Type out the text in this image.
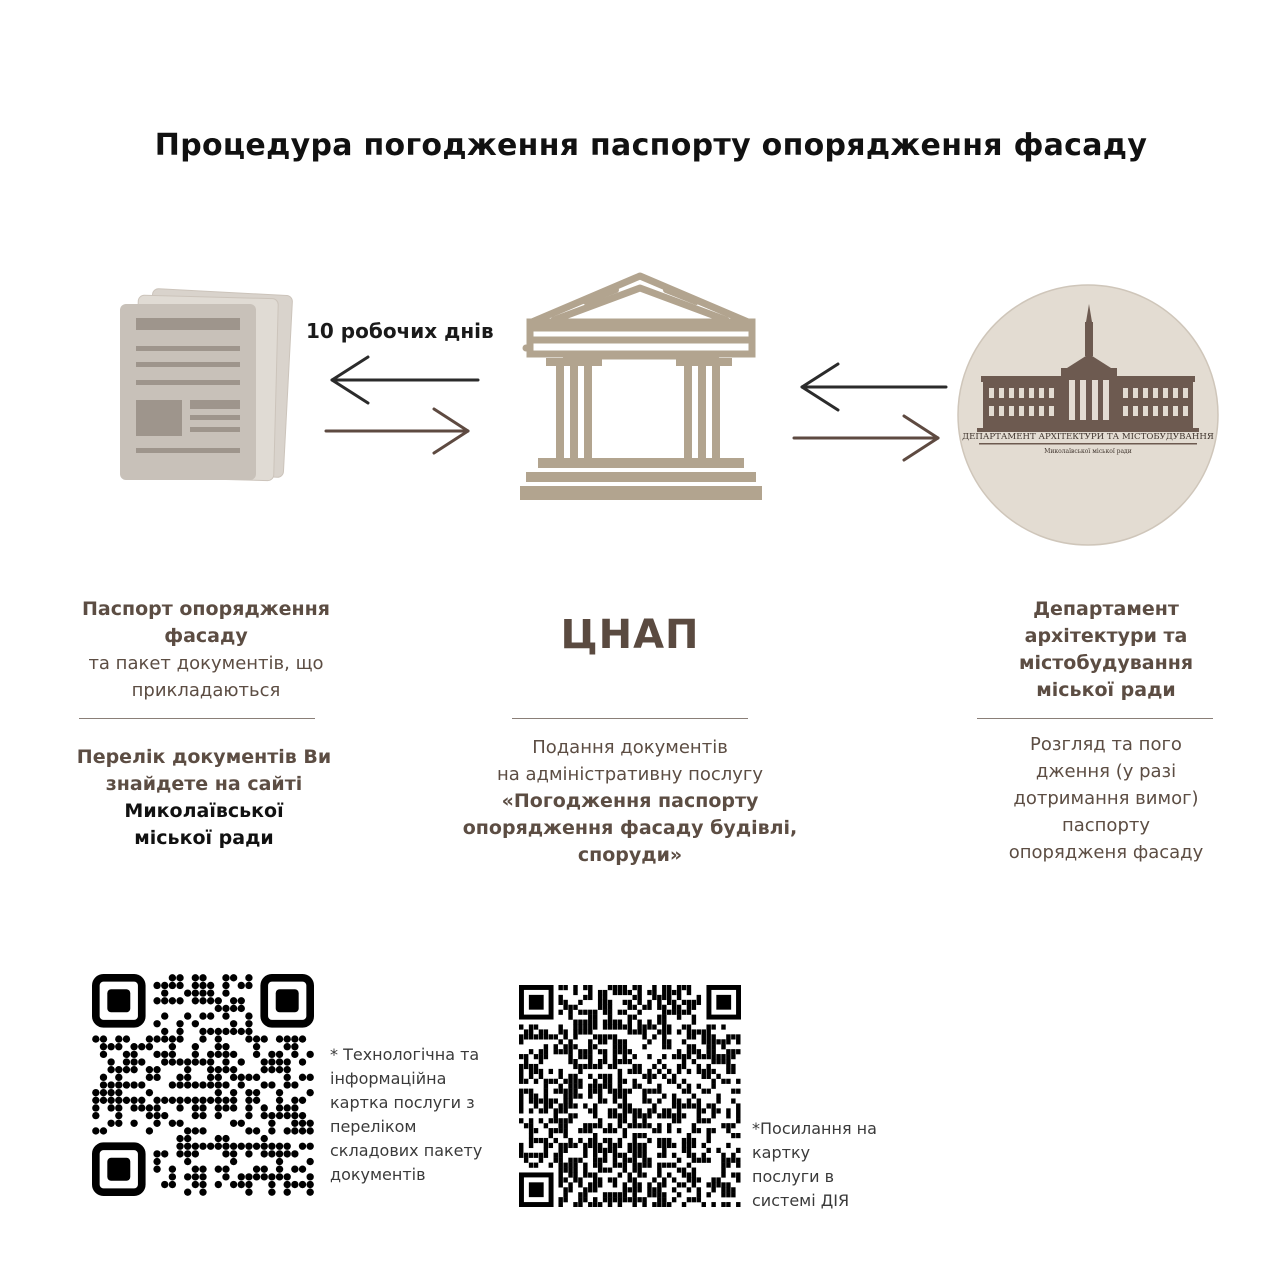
Процедура погодження паспорту опорядження фасаду
10 робочих днів
ДЕПАРТАМЕНТ АРХІТЕКТУРИ ТА МІСТОБУДУВАННЯ
Миколаївської міської ради
Паспорт опорядження фасаду
та пакет документів, що прикладаються
Перелік документів Ви знайдете на сайті
Миколаївської міської ради
ЦНАП
Подання документів
на адміністративну послугу
«Погодження паспорту опорядження фасаду будівлі, споруди»
Департамент архітектури та містобудування міської ради
Розгляд та пого дження (у разі дотримання вимог) паспорту опорядженя фасаду
* Технологічна та інформаційна картка послуги з переліком складових пакету документів
*Посилання на картку послуги в системі ДІЯ
